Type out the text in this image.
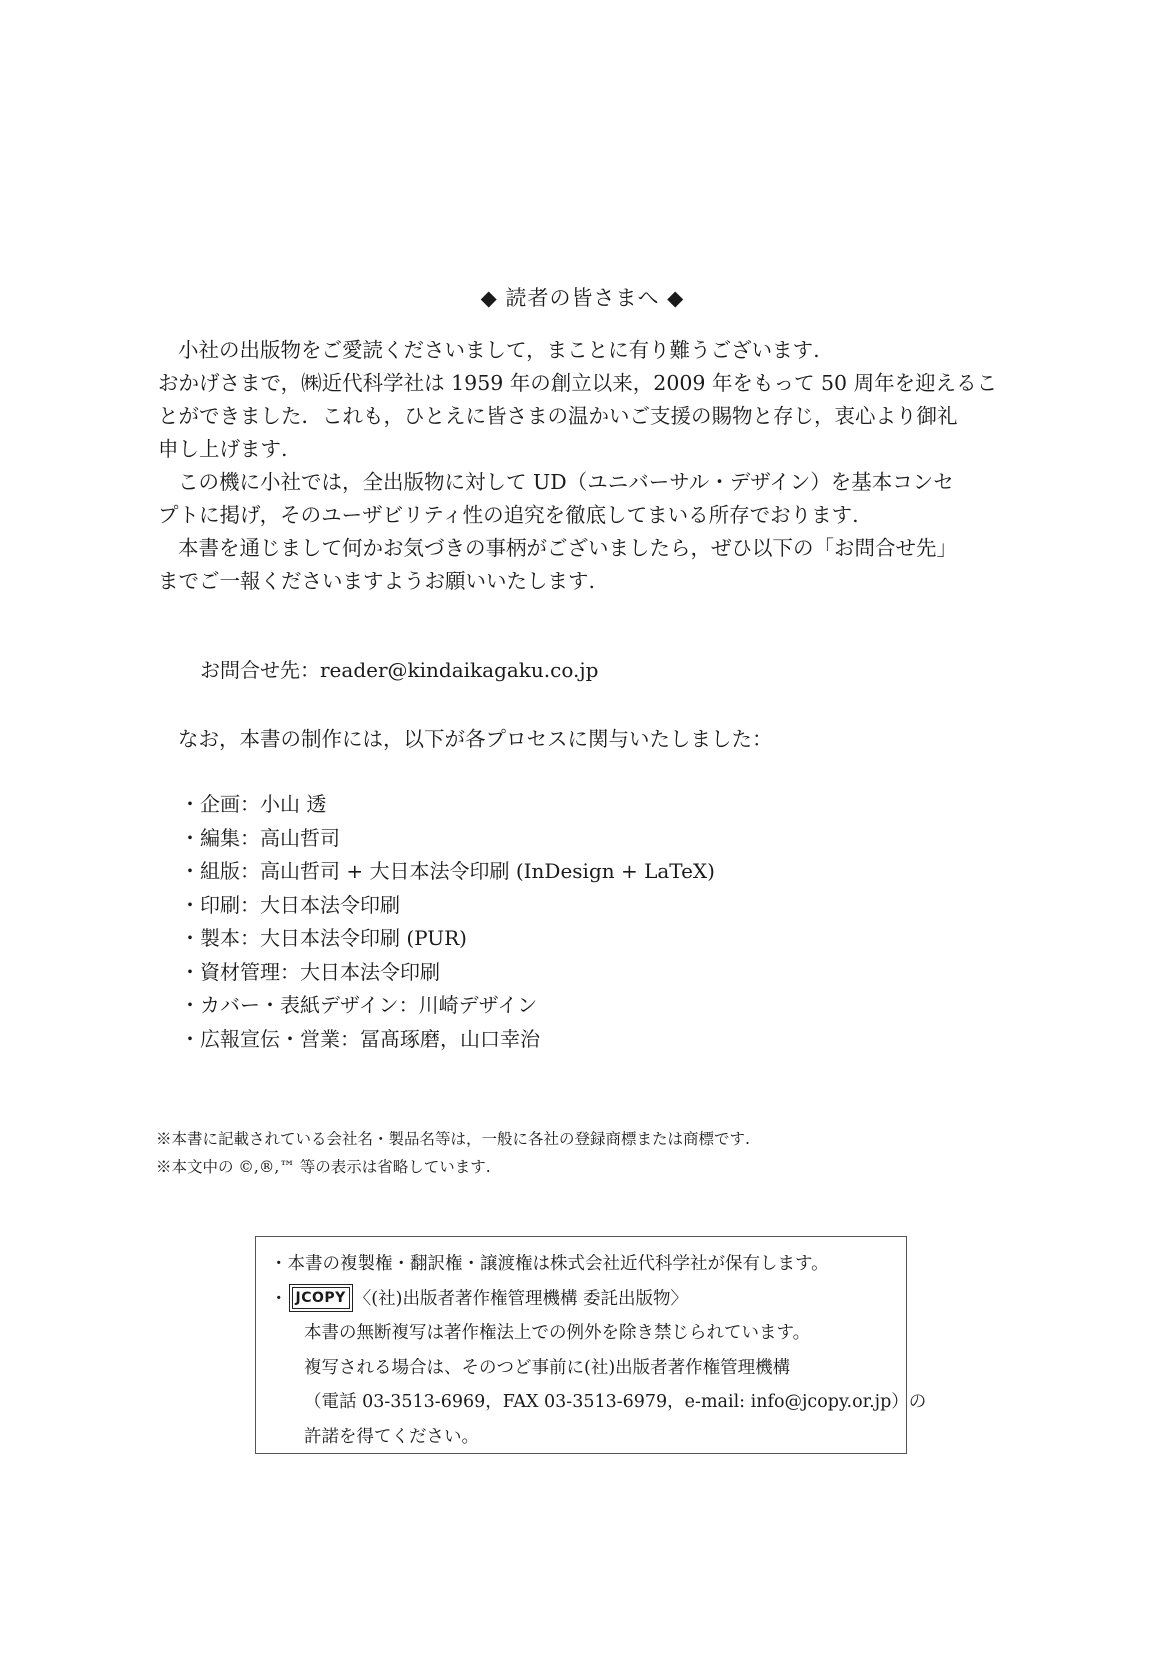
◆ 読者の皆さまへ ◆

小社の出版物をご愛読くださいまして，まことに有り難うございます.

おかげさまで，㈱近代科学社は 1959 年の創立以来，2009 年をもって 50 周年を迎えるこ

とができました．これも，ひとえに皆さまの温かいご支援の賜物と存じ，衷心より御礼

申し上げます.

この機に小社では，全出版物に対して UD（ユニバーサル・デザイン）を基本コンセ

プトに掲げ，そのユーザビリティ性の追究を徹底してまいる所存でおります.

本書を通じまして何かお気づきの事柄がございましたら，ぜひ以下の「お問合せ先」

までご一報くださいますようお願いいたします.

お問合せ先：reader@kindaikagaku.co.jp
なお，本書の制作には，以下が各プロセスに関与いたしました：
・企画：小山 透
・編集：高山哲司
・組版：高山哲司 + 大日本法令印刷 (InDesign + LaTeX)
・印刷：大日本法令印刷
・製本：大日本法令印刷 (PUR)
・資材管理：大日本法令印刷
・カバー・表紙デザイン：川崎デザイン
・広報宣伝・営業：冨髙琢磨，山口幸治
※本書に記載されている会社名・製品名等は，一般に各社の登録商標または商標です.
※本文中の ©,®,™ 等の表示は省略しています.
・本書の複製権・翻訳権・譲渡権は株式会社近代科学社が保有します。
・ JCOPY 〈(社)出版者著作権管理機構 委託出版物〉
本書の無断複写は著作権法上での例外を除き禁じられています。
複写される場合は、そのつど事前に(社)出版者著作権管理機構
（電話 03-3513-6969，FAX 03-3513-6979，e-mail: info@jcopy.or.jp）の
許諾を得てください。
